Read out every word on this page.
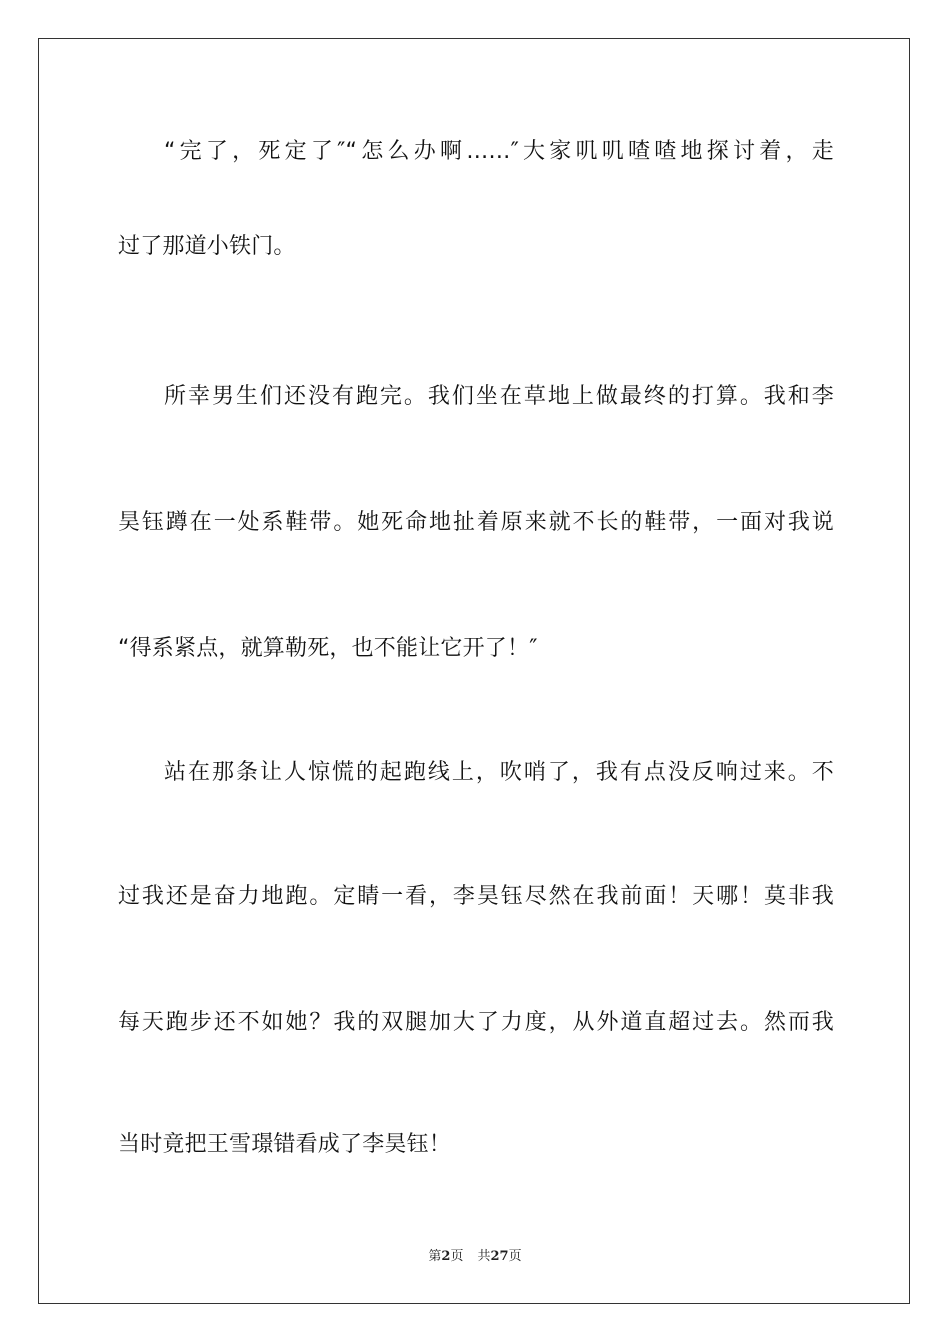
“完了，死定了″“怎么办啊……″大家叽叽喳喳地探讨着，走
过了那道小铁门。
所幸男生们还没有跑完。我们坐在草地上做最终的打算。我和李
昊钰蹲在一处系鞋带。她死命地扯着原来就不长的鞋带，一面对我说
“得系紧点，就算勒死，也不能让它开了！″
站在那条让人惊慌的起跑线上，吹哨了，我有点没反响过来。不
过我还是奋力地跑。定睛一看，李昊钰尽然在我前面！天哪！莫非我
每天跑步还不如她？我的双腿加大了力度，从外道直超过去。然而我
当时竟把王雪璟错看成了李昊钰！
第2页 共27页
